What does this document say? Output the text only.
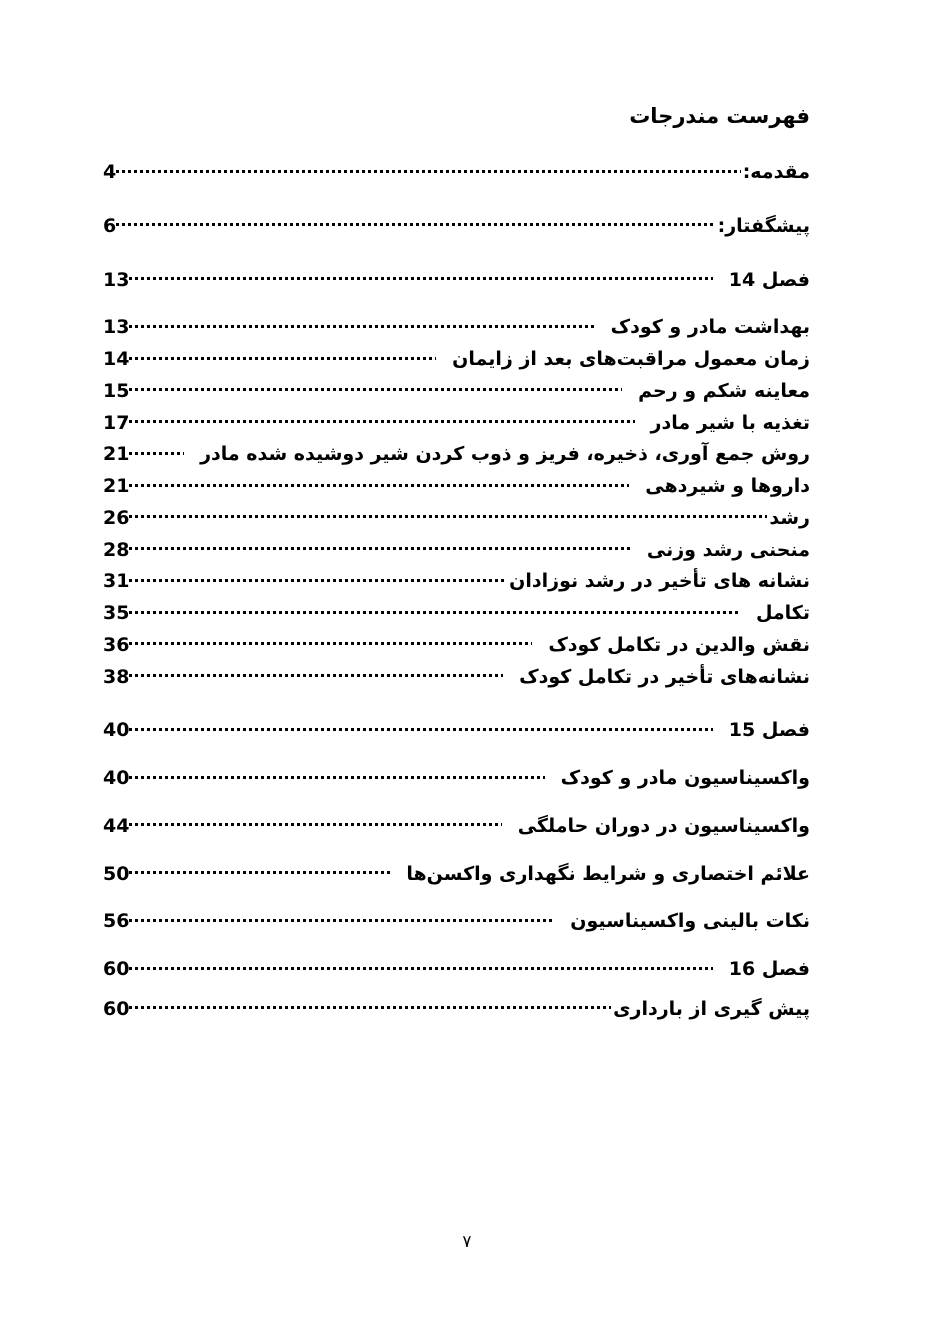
فهرست مندرجات
مقدمه:
4
پیشگفتار:
6
فصل 14
13
بهداشت مادر و کودک
13
زمان معمول مراقبت‌های بعد از زایمان
14
معاینه شکم و رحم
15
تغذیه با شیر مادر
17
روش جمع آوری، ذخیره، فریز و ذوب کردن شیر دوشیده شده مادر
21
داروها و شیردهی
21
رشد
26
منحنی رشد وزنی
28
نشانه های تأخیر در رشد نوزادان
31
تکامل
35
نقش والدین در تکامل کودک
36
نشانه‌های تأخیر در تکامل کودک
38
فصل 15
40
واکسیناسیون مادر و کودک
40
واکسیناسیون در دوران حاملگی
44
علائم اختصاری و شرایط نگهداری واکسن‌ها
50
نکات بالینی واکسیناسیون
56
فصل 16
60
پیش گیری از بارداری
60
۷
